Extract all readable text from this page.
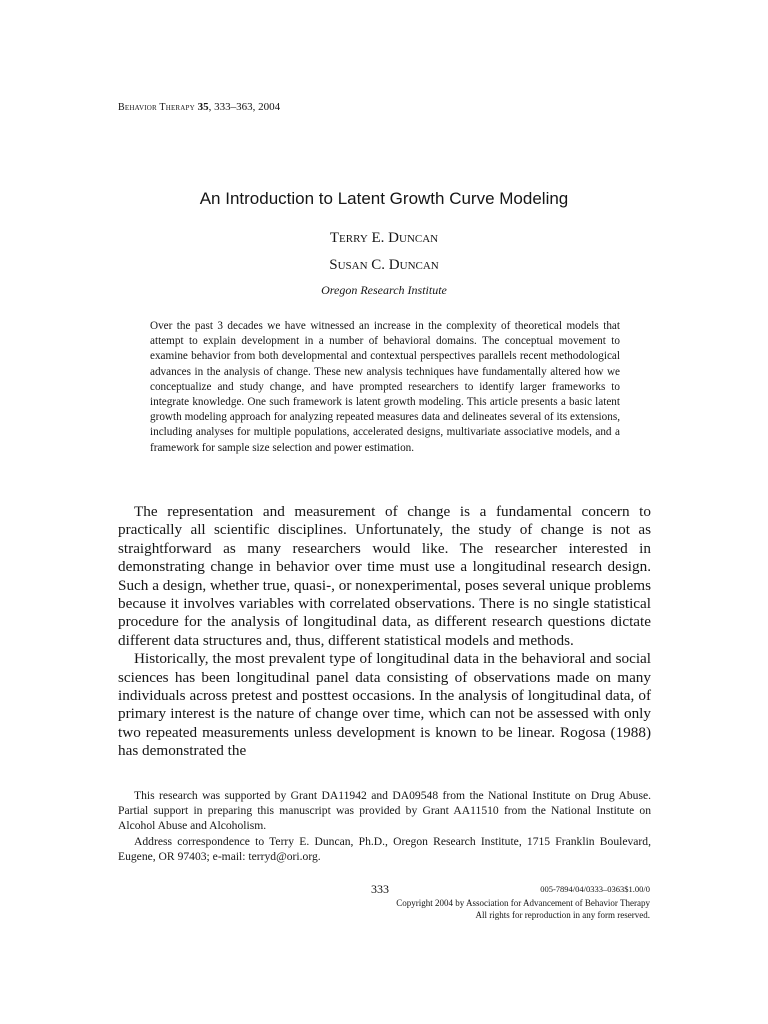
Behavior Therapy 35, 333–363, 2004
An Introduction to Latent Growth Curve Modeling
Terry E. Duncan
Susan C. Duncan
Oregon Research Institute

Over the past 3 decades we have witnessed an increase in the complexity of theoretical models that attempt to explain development in a number of behavioral domains. The conceptual movement to examine behavior from both developmental and contextual perspectives parallels recent methodological advances in the analysis of change. These new analysis techniques have fundamentally altered how we conceptualize and study change, and have prompted researchers to identify larger frameworks to integrate knowledge. One such framework is latent growth modeling. This article presents a basic latent growth modeling approach for analyzing repeated measures data and delineates several of its extensions, including analyses for multiple populations, accelerated designs, multivariate associative models, and a framework for sample size selection and power estimation.

The representation and measurement of change is a fundamental concern to practically all scientific disciplines. Unfortunately, the study of change is not as straightforward as many researchers would like. The researcher interested in demonstrating change in behavior over time must use a longitudinal research design. Such a design, whether true, quasi-, or nonexperimental, poses several unique problems because it involves variables with correlated observations. There is no single statistical procedure for the analysis of longitudinal data, as different research questions dictate different data structures and, thus, different statistical models and methods.

Historically, the most prevalent type of longitudinal data in the behavioral and social sciences has been longitudinal panel data consisting of observations made on many individuals across pretest and posttest occasions. In the analysis of longitudinal data, of primary interest is the nature of change over time, which can not be assessed with only two repeated measurements unless development is known to be linear. Rogosa (1988) has demonstrated the

This research was supported by Grant DA11942 and DA09548 from the National Institute on Drug Abuse. Partial support in preparing this manuscript was provided by Grant AA11510 from the National Institute on Alcohol Abuse and Alcoholism.

Address correspondence to Terry E. Duncan, Ph.D., Oregon Research Institute, 1715 Franklin Boulevard, Eugene, OR 97403; e-mail: terryd@ori.org.

333	005-7894/04/0333–0363$1.00/0
Copyright 2004 by Association for Advancement of Behavior Therapy
All rights for reproduction in any form reserved.
